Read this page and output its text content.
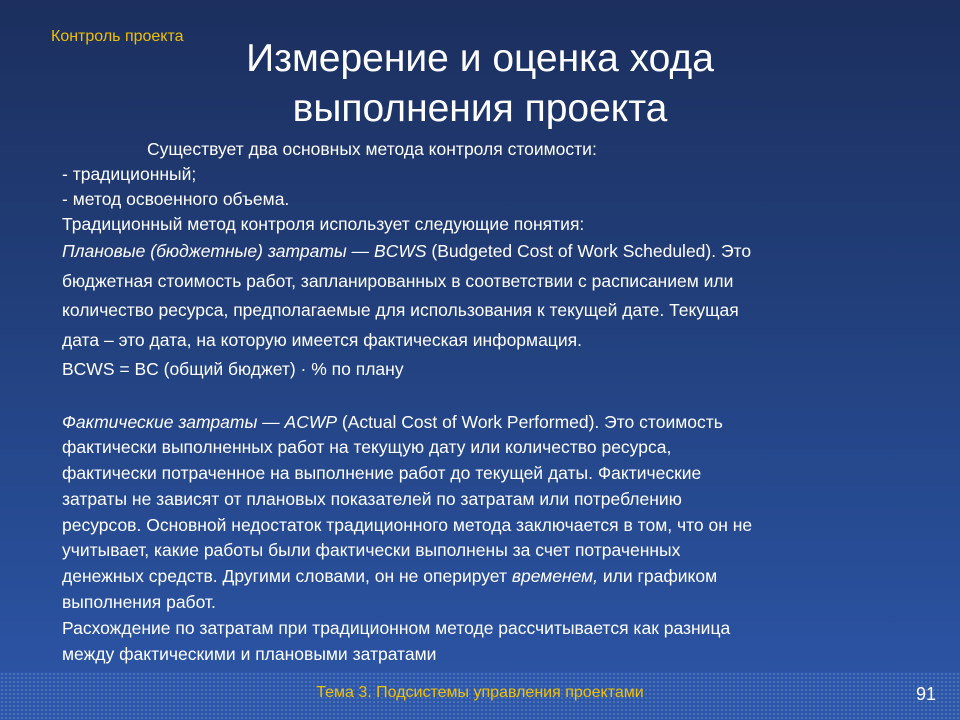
Контроль проекта
Измерение и оценка хода
выполнения проекта
Существует два основных метода контроля стоимости:
- традиционный;
- метод освоенного объема.
Традиционный метод контроля использует следующие понятия:
Плановые (бюджетные) затраты — BCWS (Budgeted Cost of Work Scheduled). Это
бюджетная стоимость работ, запланированных в соответствии с расписанием или
количество ресурса, предполагаемые для использования к текущей дате. Текущая
дата – это дата, на которую имеется фактическая информация.
BCWS = BC (общий бюджет) · % по плану
Фактические затраты — ACWP (Actual Cost of Work Performed). Это стоимость
фактически выполненных работ на текущую дату или количество ресурса,
фактически потраченное на выполнение работ до текущей даты. Фактические
затраты не зависят от плановых показателей по затратам или потреблению
ресурсов. Основной недостаток традиционного метода заключается в том, что он не
учитывает, какие работы были фактически выполнены за счет потраченных
денежных средств. Другими словами, он не оперирует временем, или графиком
выполнения работ.
Расхождение по затратам при традиционном методе рассчитывается как разница
между фактическими и плановыми затратами
Тема 3. Подсистемы управления проектами	91
